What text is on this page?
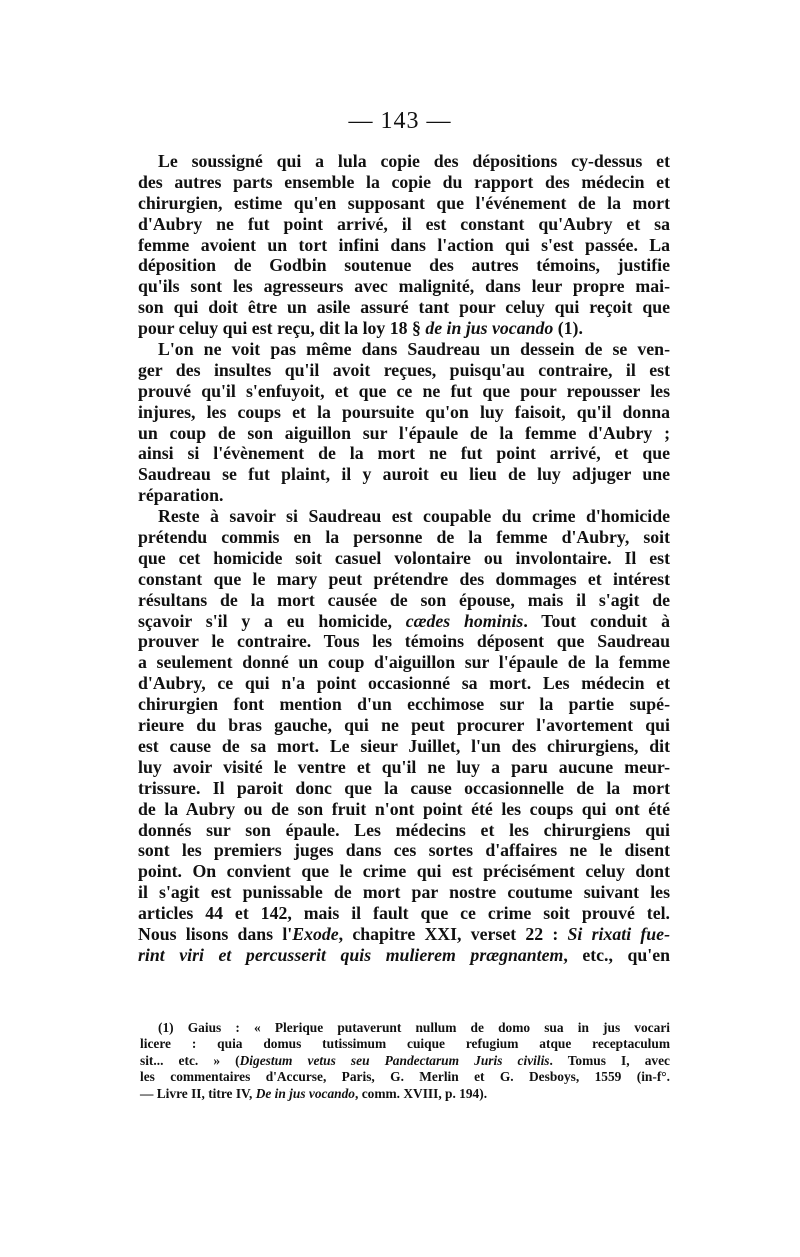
— 143 —
Le soussigné qui a lula copie des dépositions cy-dessus et
des autres parts ensemble la copie du rapport des médecin et
chirurgien, estime qu'en supposant que l'événement de la mort
d'Aubry ne fut point arrivé, il est constant qu'Aubry et sa
femme avoient un tort infini dans l'action qui s'est passée. La
déposition de Godbin soutenue des autres témoins, justifie
qu'ils sont les agresseurs avec malignité, dans leur propre mai-
son qui doit être un asile assuré tant pour celuy qui reçoit que
pour celuy qui est reçu, dit la loy 18 § de in jus vocando (1).
L'on ne voit pas même dans Saudreau un dessein de se ven-
ger des insultes qu'il avoit reçues, puisqu'au contraire, il est
prouvé qu'il s'enfuyoit, et que ce ne fut que pour repousser les
injures, les coups et la poursuite qu'on luy faisoit, qu'il donna
un coup de son aiguillon sur l'épaule de la femme d'Aubry ;
ainsi si l'évènement de la mort ne fut point arrivé, et que
Saudreau se fut plaint, il y auroit eu lieu de luy adjuger une
réparation.
Reste à savoir si Saudreau est coupable du crime d'homicide
prétendu commis en la personne de la femme d'Aubry, soit
que cet homicide soit casuel volontaire ou involontaire. Il est
constant que le mary peut prétendre des dommages et intérest
résultans de la mort causée de son épouse, mais il s'agit de
sçavoir s'il y a eu homicide, cædes hominis. Tout conduit à
prouver le contraire. Tous les témoins déposent que Saudreau
a seulement donné un coup d'aiguillon sur l'épaule de la femme
d'Aubry, ce qui n'a point occasionné sa mort. Les médecin et
chirurgien font mention d'un ecchimose sur la partie supé-
rieure du bras gauche, qui ne peut procurer l'avortement qui
est cause de sa mort. Le sieur Juillet, l'un des chirurgiens, dit
luy avoir visité le ventre et qu'il ne luy a paru aucune meur-
trissure. Il paroit donc que la cause occasionnelle de la mort
de la Aubry ou de son fruit n'ont point été les coups qui ont été
donnés sur son épaule. Les médecins et les chirurgiens qui
sont les premiers juges dans ces sortes d'affaires ne le disent
point. On convient que le crime qui est précisément celuy dont
il s'agit est punissable de mort par nostre coutume suivant les
articles 44 et 142, mais il fault que ce crime soit prouvé tel.
Nous lisons dans l'Exode, chapitre XXI, verset 22 : Si rixati fue-
rint viri et percusserit quis mulierem prægnantem, etc., qu'en
(1) Gaius : « Plerique putaverunt nullum de domo sua in jus vocari
licere : quia domus tutissimum cuique refugium atque receptaculum
sit... etc. » (Digestum vetus seu Pandectarum Juris civilis. Tomus I, avec
les commentaires d'Accurse, Paris, G. Merlin et G. Desboys, 1559 (in-f°.
— Livre II, titre IV, De in jus vocando, comm. XVIII, p. 194).
